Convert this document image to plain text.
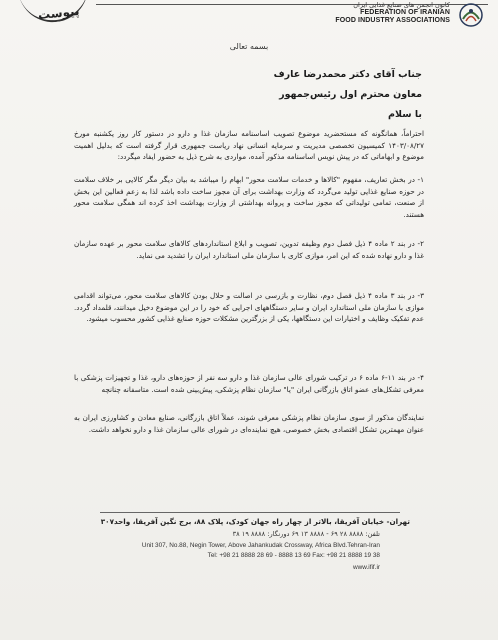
پیوست	کانون انجمن های صنایع غذایی ایران
FEDERATION OF IRANIAN
FOOD INDUSTRY ASSOCIATIONS
بسمه تعالی
جناب آقای دکتر محمدرضا عارف
معاون محترم اول رئیس‌جمهور
با سلام

احتراماً، همانگونه که مستحضرید موضوع تصویب اساسنامه سازمان غذا و دارو در دستور کار روز یکشنبه مورخ ۱۴۰۳/۰۸/۲۷ کمیسیون تخصصی مدیریت و سرمایه انسانی نهاد ریاست جمهوری قرار گرفته است که بدلیل اهمیت موضوع و ابهاماتی که در پیش نویس اساسنامه مذکور آمده، مواردی به شرح ذیل به حضور ایفاد میگردد:

۱- در بخش تعاریف، مفهوم "کالاها و خدمات سلامت محور" ابهام را میباشد به بیان دیگر مگر کالایی بر خلاف سلامت در حوزه صنایع غذایی تولید می‌گردد که وزارت بهداشت برای آن مجوز ساخت داده باشد لذا به زعم فعالین این بخش از صنعت، تمامی تولیداتی که مجوز ساخت و پروانه بهداشتی از وزارت بهداشت اخذ کرده اند همگی سلامت محور هستند.

۲- در بند ۲ ماده ۴ ذیل فصل دوم وظیفه تدوین، تصویب و ابلاغ استانداردهای کالاهای سلامت محور بر عهده سازمان غذا و دارو نهاده شده که این امر، موازی کاری با سازمان ملی استاندارد ایران را تشدید می نماید.

۳- در بند ۳ ماده ۴ ذیل فصل دوم، نظارت و بازرسی در اصالت و حلال بودن کالاهای سلامت محور، می‌تواند اقدامی موازی با سازمان ملی استاندارد ایران و سایر دستگاههای اجرایی که خود را در این موضوع دخیل میدانند، قلمداد گردد. عدم تفکیک وظایف و اختیارات این دستگاهها، یکی از بزرگترین مشکلات حوزه صنایع غذایی کشور محسوب میشود.

۴- در بند ۱۱-۶ ماده ۶ در ترکیب شورای عالی سازمان غذا و دارو سه نفر از حوزه‌های دارو، غذا و تجهیزات پزشکی با معرفی تشکل‌های عضو اتاق بازرگانی ایران "یا" سازمان نظام پزشکی، پیش‌بینی شده است. متاسفانه چنانچه

نمایندگان مذکور از سوی سازمان نظام پزشکی معرفی شوند، عملاً اتاق بازرگانی، صنایع معادن و کشاورزی ایران به عنوان مهمترین تشکل اقتصادی بخش خصوصی، هیچ نماینده‌ای در شورای عالی سازمان غذا و دارو نخواهد داشت.

تهران- خیابان آفریقا، بالاتر از چهار راه جهان کودک، پلاک ۸۸، برج نگین آفریقا، واحد۳۰۷
تلفن: ۸۸۸۸ ۲۸ ۶۹ - ۸۸۸۸ ۱۳ ۶۹ دورنگار: ۸۸۸۸ ۱۹ ۳۸
Unit 307, No.88, Negin Tower, Above Jahankudak Crossway, Africa Blvd.Tehran-Iran
Tel: +98 21 8888 28 69 - 8888 13 69 Fax: +98 21 8888 19 38
www.ifif.ir
